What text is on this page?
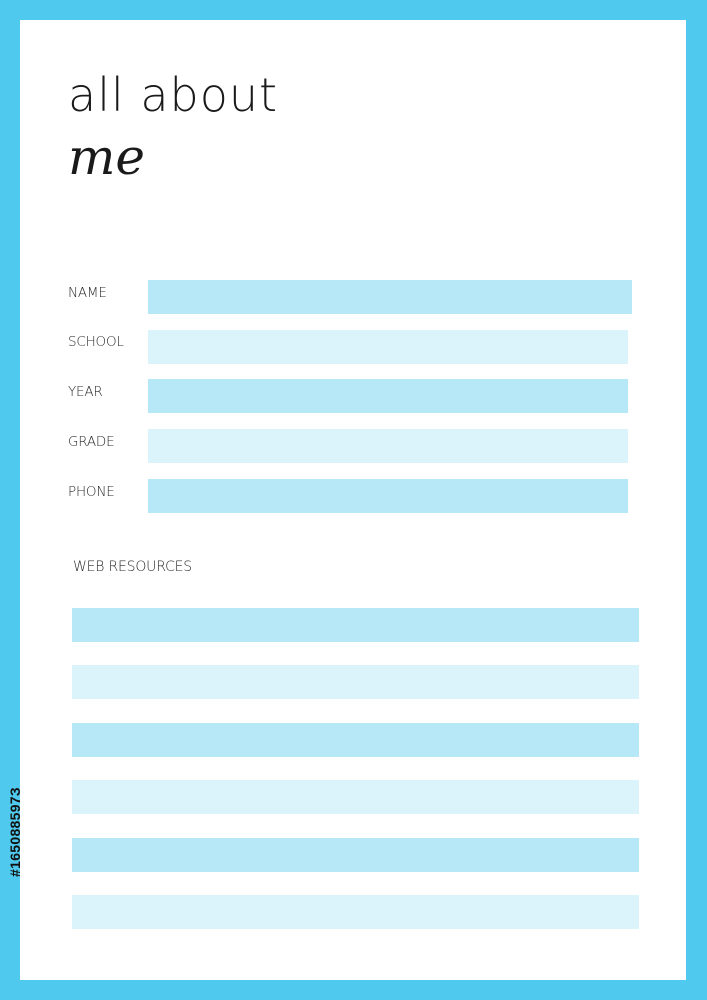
all about
me
NAME
SCHOOL
YEAR
GRADE
PHONE
WEB RESOURCES
#165088597З
